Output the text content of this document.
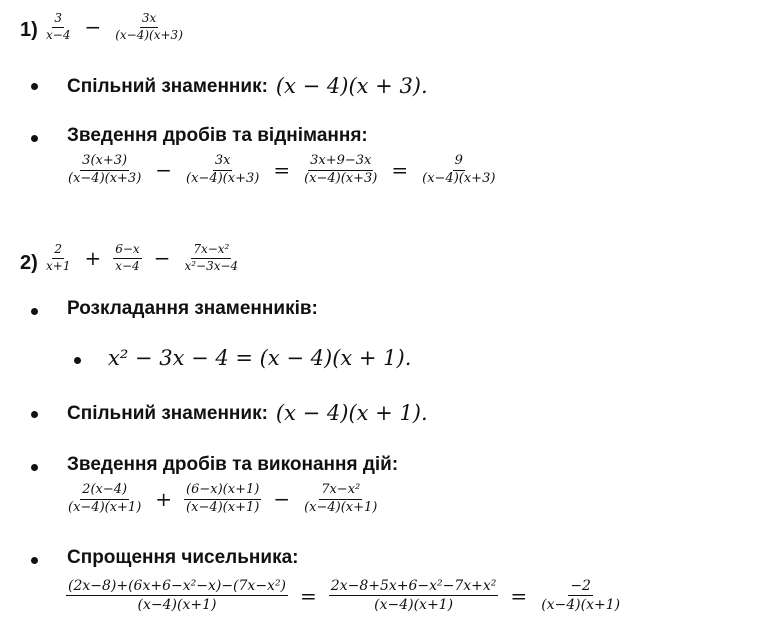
$1) \frac{3}{x-4} - \frac{3x}{(x-4)(x+3)}$
Спільний знаменник: (x − 4)(x + 3).
Зведення дробів та віднімання:
$\frac{3(x+3)}{(x-4)(x+3)} - \frac{3x}{(x-4)(x+3)} = \frac{3x+9-3x}{(x-4)(x+3)} = \frac{9}{(x-4)(x+3)}$
$2) \frac{2}{x+1} + \frac{6-x}{x-4} - \frac{\text{7x−x²}}{\text{x²−3x−4}}$
Розкладання знаменників:
x² − 3x − 4 = (x − 4)(x + 1).
Спільний знаменник: (x − 4)(x + 1).
Зведення дробів та виконання дій:
$\frac{2(x-4)}{(x-4)(x+1)} + \frac{(6-x)(x+1)}{(x-4)(x+1)} - \frac{\text{7x−x²}}{(x-4)(x+1)}$
Спрощення чисельника:
$\frac{\text{(2x−8)+(6x+6−x²−x)−(7x−x²)}}{(x-4)(x+1)} = \frac{\text{2x−8+5x+6−x²−7x+x²}}{(x-4)(x+1)} = \frac{-2}{(x-4)(x+1)}$
